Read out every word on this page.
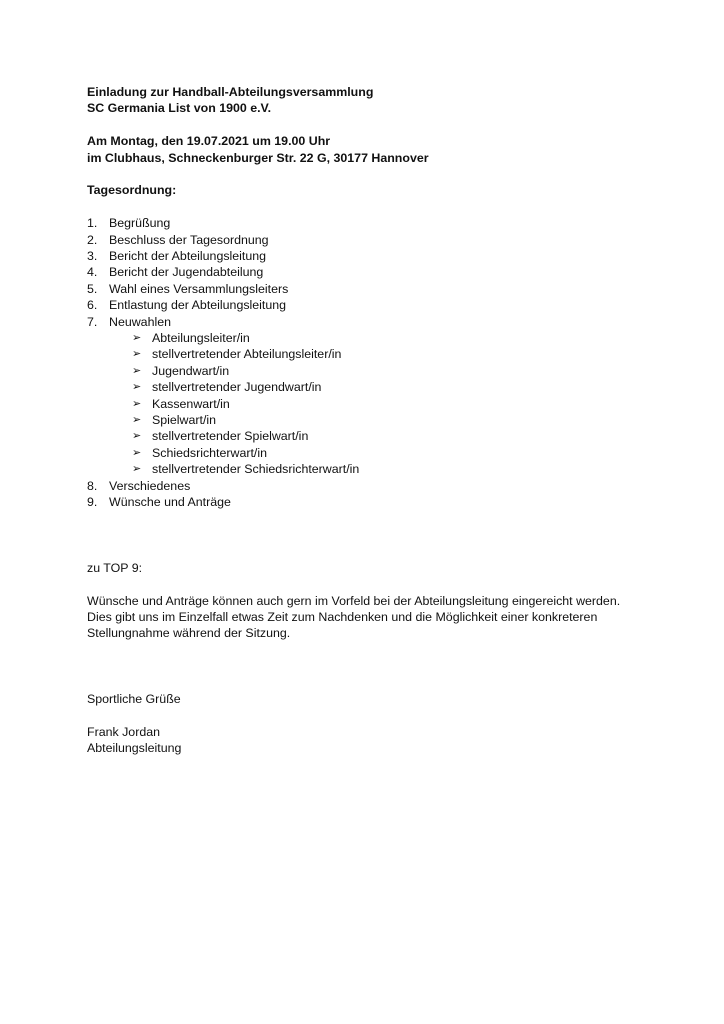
Einladung zur Handball-Abteilungsversammlung
SC Germania List von 1900 e.V.
Am Montag, den 19.07.2021 um 19.00 Uhr
im Clubhaus, Schneckenburger Str. 22 G, 30177 Hannover
Tagesordnung:
1. Begrüßung
2. Beschluss der Tagesordnung
3. Bericht der Abteilungsleitung
4. Bericht der Jugendabteilung
5. Wahl eines Versammlungsleiters
6. Entlastung der Abteilungsleitung
7. Neuwahlen
➢ Abteilungsleiter/in
➢ stellvertretender Abteilungsleiter/in
➢ Jugendwart/in
➢ stellvertretender Jugendwart/in
➢ Kassenwart/in
➢ Spielwart/in
➢ stellvertretender Spielwart/in
➢ Schiedsrichterwart/in
➢ stellvertretender Schiedsrichterwart/in
8. Verschiedenes
9. Wünsche und Anträge
zu TOP 9:
Wünsche und Anträge können auch gern im Vorfeld bei der Abteilungsleitung eingereicht werden.
Dies gibt uns im Einzelfall etwas Zeit zum Nachdenken und die Möglichkeit einer konkreteren
Stellungnahme während der Sitzung.
Sportliche Grüße
Frank Jordan
Abteilungsleitung
